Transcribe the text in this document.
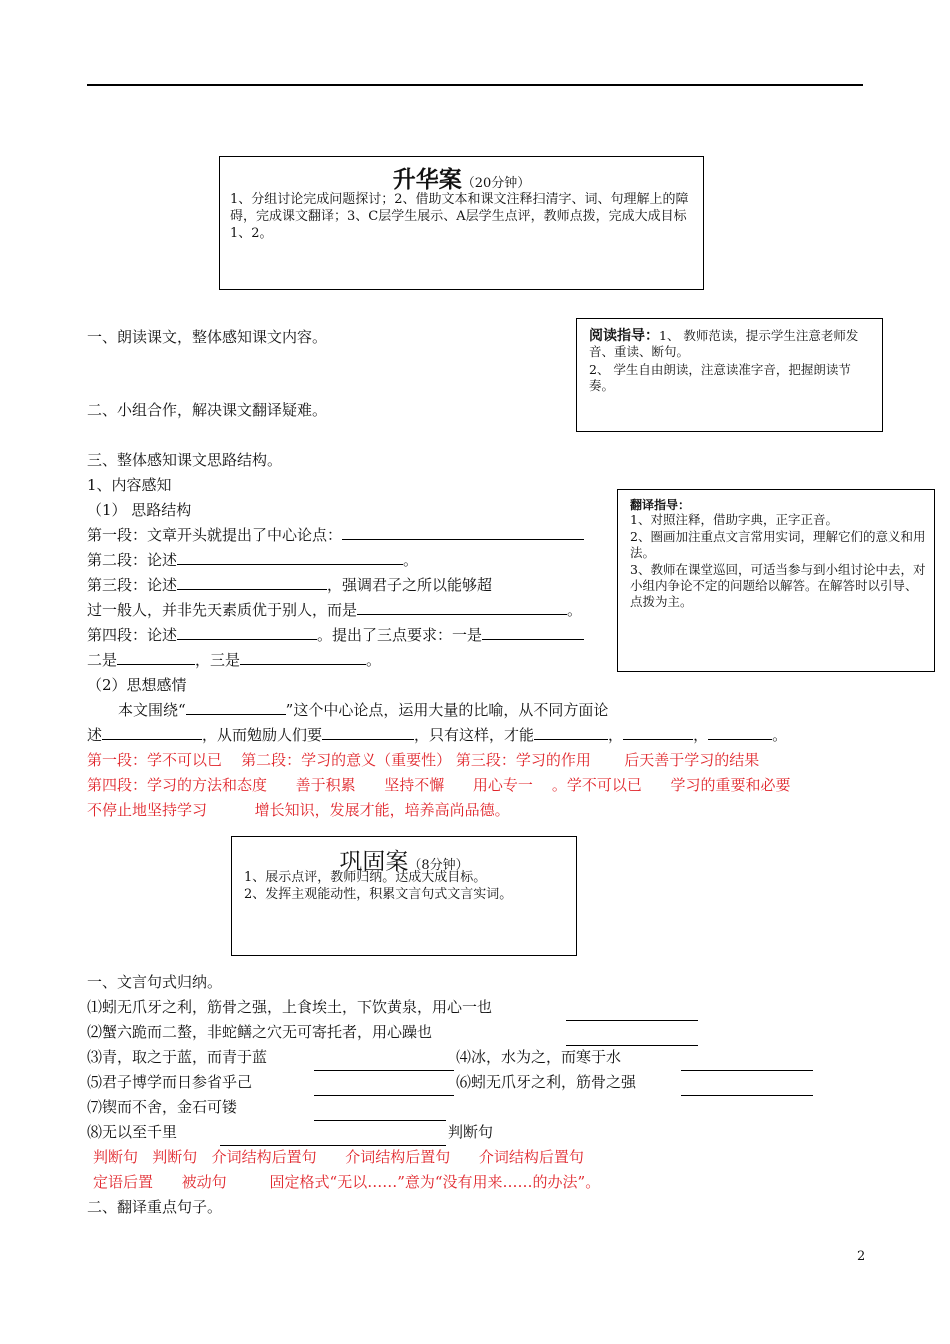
升华案（20分钟）
1、分组讨论完成问题探讨；2、借助文本和课文注释扫清字、词、句理解上的障碍，完成课文翻译；3、C层学生展示、A层学生点评，教师点拨，完成大成目标1、2。
阅读指导：1、 教师范读，提示学生注意老师发音、重读、断句。
2、 学生自由朗读，注意读准字音，把握朗读节奏。
翻译指导：
1、对照注释，借助字典，正字正音。
2、圈画加注重点文言常用实词，理解它们的意义和用法。
3、教师在课堂巡回，可适当参与到小组讨论中去，对小组内争论不定的问题给以解答。在解答时以引导、点拨为主。
一、朗读课文，整体感知课文内容。
二、小组合作，解决课文翻译疑难。
三、整体感知课文思路结构。
1、内容感知
（1） 思路结构
第一段：文章开头就提出了中心论点：
第二段：论述	。
第三段：论述	，强调君子之所以能够超
过一般人，并非先天素质优于别人，而是	。
第四段：论述	。提出了三点要求：一是
二是	，三是	。
（2）思想感情
本文围绕“	”这个中心论点，运用大量的比喻，从不同方面论
述	，从而勉励人们要	，只有这样，才能	，	，	。
第一段：学不可以已    第二段：学习的意义（重要性） 第三段：学习的作用       后天善于学习的结果
第四段：学习的方法和态度      善于积累      坚持不懈      用心专一    。学不可以已      学习的重要和必要
不停止地坚持学习          增长知识，发展才能，培养高尚品德。
巩固案（8分钟）
1、展示点评，教师归纳。达成大成目标。
2、发挥主观能动性，积累文言句式文言实词。
一、文言句式归纳。
⑴蚓无爪牙之利，筋骨之强，上食埃土，下饮黄泉，用心一也
⑵蟹六跪而二螯，非蛇鳝之穴无可寄托者，用心躁也
⑶青，取之于蓝，而青于蓝	⑷冰，水为之，而寒于水
⑸君子博学而日参省乎己	⑹蚓无爪牙之利，筋骨之强
⑺锲而不舍，金石可镂
⑻无以至千里	判断句
判断句   判断句   介词结构后置句      介词结构后置句      介词结构后置句
定语后置      被动句         固定格式“无以……”意为“没有用来……的办法”。
二、翻译重点句子。
2
